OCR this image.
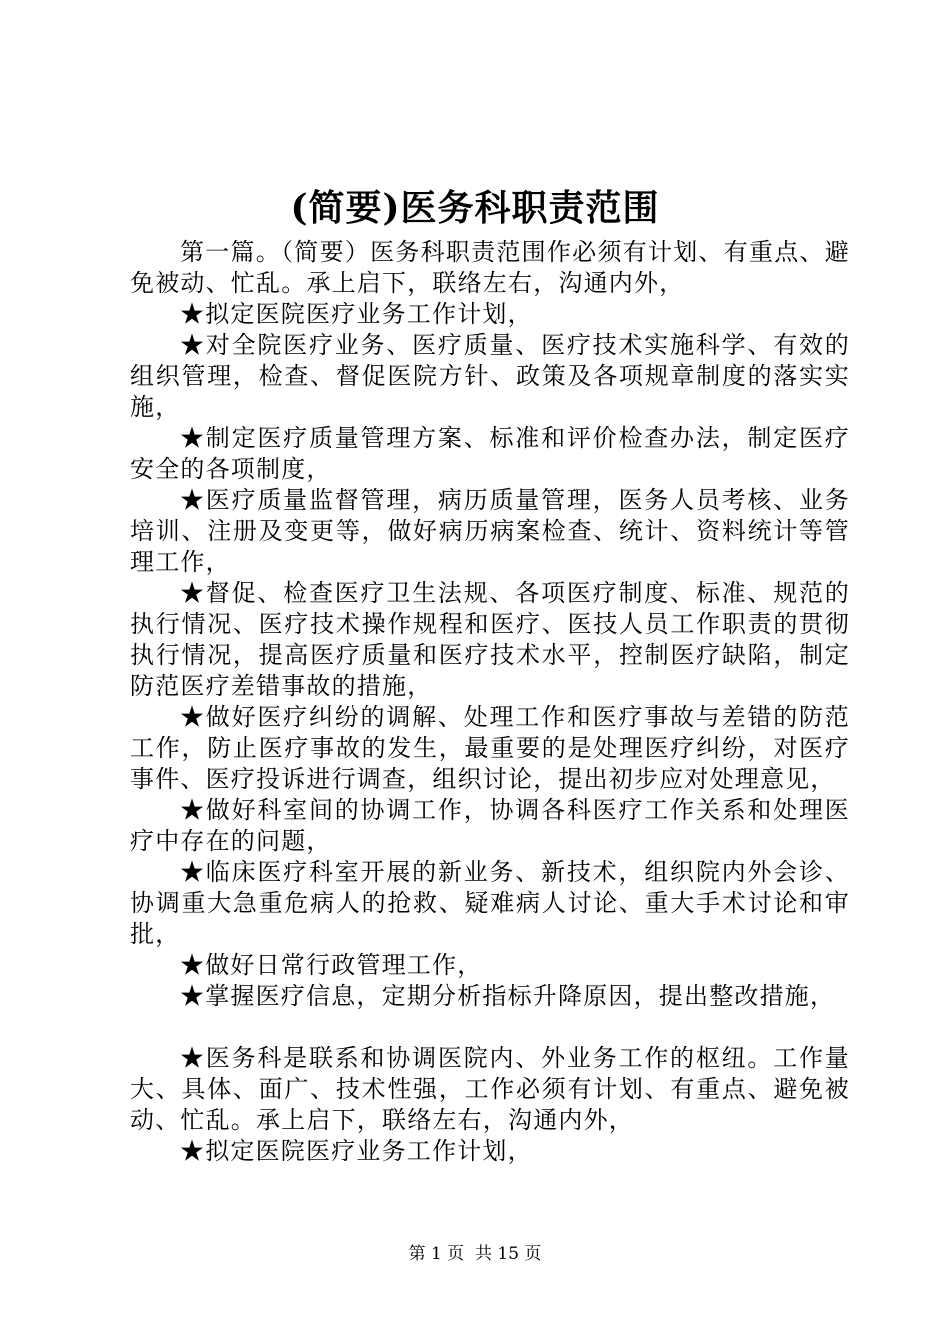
(简要)医务科职责范围

第一篇。（简要）医务科职责范围作必须有计划、有重点、避免被动、忙乱。承上启下，联络左右，沟通内外，

★拟定医院医疗业务工作计划，

★对全院医疗业务、医疗质量、医疗技术实施科学、有效的组织管理，检查、督促医院方针、政策及各项规章制度的落实实施，

★制定医疗质量管理方案、标准和评价检查办法，制定医疗安全的各项制度，

★医疗质量监督管理，病历质量管理，医务人员考核、业务培训、注册及变更等，做好病历病案检查、统计、资料统计等管理工作，

★督促、检查医疗卫生法规、各项医疗制度、标准、规范的执行情况、医疗技术操作规程和医疗、医技人员工作职责的贯彻执行情况，提高医疗质量和医疗技术水平，控制医疗缺陷，制定防范医疗差错事故的措施，

★做好医疗纠纷的调解、处理工作和医疗事故与差错的防范工作，防止医疗事故的发生，最重要的是处理医疗纠纷，对医疗事件、医疗投诉进行调查，组织讨论，提出初步应对处理意见，

★做好科室间的协调工作，协调各科医疗工作关系和处理医疗中存在的问题，

★临床医疗科室开展的新业务、新技术，组织院内外会诊、协调重大急重危病人的抢救、疑难病人讨论、重大手术讨论和审批，

★做好日常行政管理工作，

★掌握医疗信息，定期分析指标升降原因，提出整改措施，

★医务科是联系和协调医院内、外业务工作的枢纽。工作量大、具体、面广、技术性强，工作必须有计划、有重点、避免被动、忙乱。承上启下，联络左右，沟通内外，

★拟定医院医疗业务工作计划，

第 1 页  共 15 页
